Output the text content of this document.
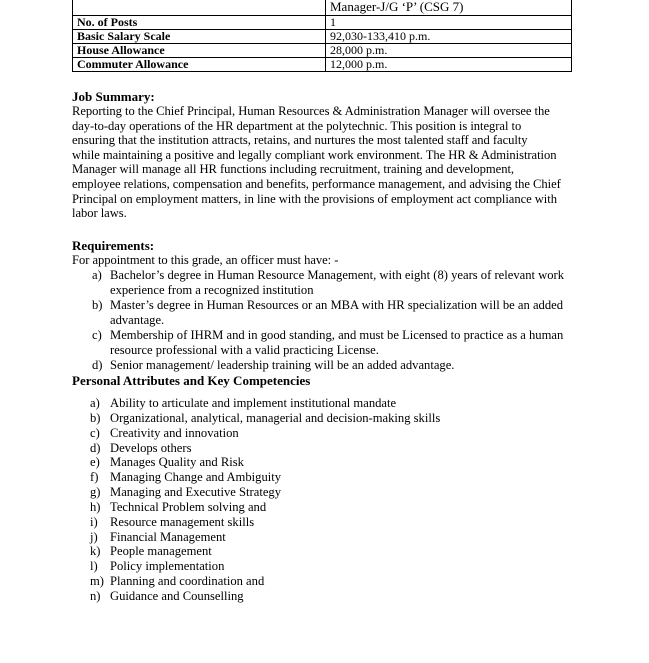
	Manager-J/G ‘P’ (CSG 7)
No. of Posts	1
Basic Salary Scale	92,030-133,410 p.m.
House Allowance	28,000 p.m.
Commuter Allowance	12,000 p.m.
Job Summary:

Reporting to the Chief Principal, Human Resources & Administration Manager will oversee the
day-to-day operations of the HR department at the polytechnic. This position is integral to
ensuring that the institution attracts, retains, and nurtures the most talented staff and faculty
while maintaining a positive and legally compliant work environment. The HR & Administration
Manager will manage all HR functions including recruitment, training and development,
employee relations, compensation and benefits, performance management, and advising the Chief
Principal on employment matters, in line with the provisions of employment act compliance with
labor laws.

Requirements:
For appointment to this grade, an officer must have: -
a) Bachelor’s degree in Human Resource Management, with eight (8) years of relevant work
experience from a recognized institution
b) Master’s degree in Human Resources or an MBA with HR specialization will be an added
advantage.
c) Membership of IHRM and in good standing, and must be Licensed to practice as a human
resource professional with a valid practicing License.
d) Senior management/ leadership training will be an added advantage.
Personal Attributes and Key Competencies
a) Ability to articulate and implement institutional mandate
b) Organizational, analytical, managerial and decision-making skills
c) Creativity and innovation
d) Develops others
e) Manages Quality and Risk
f) Managing Change and Ambiguity
g) Managing and Executive Strategy
h) Technical Problem solving and
i) Resource management skills
j) Financial Management
k) People management
l) Policy implementation
m) Planning and coordination and
n) Guidance and Counselling
